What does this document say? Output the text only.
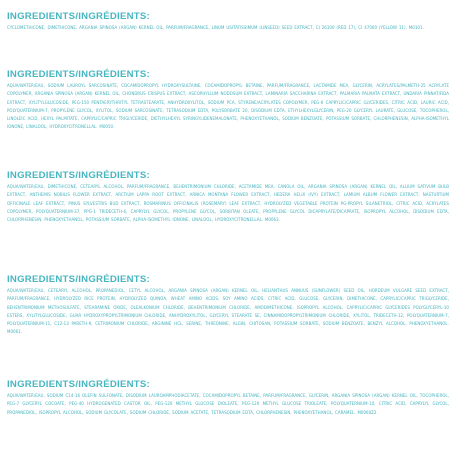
INGREDIENTS/INGRÉDIENTS:

CYCLOMETHICONE, DIMETHICONE, ARGANIA SPINOSA (ARGAN) KERNEL OIL, PARFUM/FRAGRANCE, LINUM USITATISSIMUM (LINSEED) SEED EXTRACT, CI 26100 (RED 17), CI 47000 (YELLOW 11). M0101.

INGREDIENTS/INGRÉDIENTS:

AQUA/WATER/EAU, SODIUM LAUROYL SARCOSINATE, COCAMIDOPROPYL HYDROXYSULTAINE, COCAMIDOPROPYL BETAINE, PARFUM/FRAGRANCE, LACTAMIDE MEA, GLYCERIN, ACRYLATES/PALMETH-25 ACRYLATE COPOLYMER, ARGANIA SPINOSA (ARGAN) KERNEL OIL, CHONDRUS CRISPUS EXTRACT, ASCOPHYLLUM NODOSUM EXTRACT, LAMINARIA SACCHARINA EXTRACT, PALMARIA PALMATA EXTRACT, UNDARIA PINNATIFIDA EXTRACT, XYLITYLGLUCOSIDE, PEG-150 PENTAERYTHRITYL TETRASTEARATE, ANHYDROXYLITOL, SODIUM PCA, STYRENE/ACRYLATES COPOLYMER, PEG-6 CAPRYLIC/CAPRIC GLYCERIDES, CITRIC ACID, LAURIC ACID, POLYQUATERNIUM-7, PROPYLENE GLYCOL, XYLITOL, SODIUM SARCOSINATE, TETRASODIUM EDTA, POLYSORBATE 20, DISODIUM EDTA, ETHYLHEXYLGLYCERIN, PEG-20 GLYCERYL LAURATE, GLUCOSE, TOCOPHEROL, LINOLEIC ACID, HEXYL PALMITATE, CAPRYLIC/CAPRIC TRIGLYCERIDE, DIETHYLHEXYL SYRINGYLIDENEMALONATE, PHENOXYETHANOL, SODIUM BENZOATE, POTASSIUM SORBATE, CHLORPHENESIN, ALPHA-ISOMETHYL IONONE, LINALOOL, HYDROXYCITRONELLAL. M0050.

INGREDIENTS/INGRÉDIENTS:

AQUA/WATER/EAU, DIMETHICONE, CETEARYL ALCOHOL, PARFUM/FRAGRANCE, BEHENTRIMONIUM CHLORIDE, ACETAMIDE MEA, CANOLA OIL, ARGANIA SPINOSA (ARGAN) KERNEL OIL, ALLIUM SATIVUM BULB EXTRACT, ANTHEMIS NOBILIS FLOWER EXTRACT, ARCTIUM LAPPA ROOT EXTRACT, ARNICA MONTANA FLOWER EXTRACT, HEDERA HELIX (IVY) EXTRACT, LAMIUM ALBUM FLOWER EXTRACT, NASTURTIUM OFFICINALE LEAF EXTRACT, PINUS SYLVESTRIS BUD EXTRACT, ROSMARINUS OFFICINALIS (ROSEMARY) LEAF EXTRACT, HYDROLYZED VEGETABLE PROTEIN PG-PROPYL SILANETRIOL, CITRIC ACID, ACRYLATES COPOLYMER, POLYQUATERNIUM-37, PPG-1 TRIDECETH-6, CAPRYLYL GLYCOL, PROPYLENE GLYCOL, SORBITAN OLEATE, PROPYLENE GLYCOL DICAPRYLATE/DICAPRATE, ISOPROPYL ALCOHOL, DISODIUM EDTA, CHLORPHENESIN, PHENOXYETHANOL, POTASSIUM SORBATE, ALPHA-ISOMETHYL IONONE, LINALOOL, HYDROXYCITRONELLAL. M0063.

INGREDIENTS/INGRÉDIENTS:

AQUA/WATER/EAU, CETEARYL ALCOHOL, PROPANEDIOL, CETYL ALCOHOL, ARGANIA SPINOSA (ARGAN) KERNEL OIL, HELIANTHUS ANNUUS (SUNFLOWER) SEED OIL, HORDEUM VULGARE SEED EXTRACT, PARFUM/FRAGRANCE, HYDROLYZED RICE PROTEIN, HYDROLYZED QUINOA, WHEAT AMINO ACIDS, SOY AMINO ACIDS, CITRIC ACID, GLUCOSE, GLYCERIN, DIMETHICONE, CAPRYLIC/CAPRIC TRIGLYCERIDE, BEHENTRIMONIUM METHOSULFATE, STEARAMINE OXIDE, OLEALKONIUM CHLORIDE, BEHENTRIMONIUM CHLORIDE, AMODIMETHICONE, ISOPROPYL ALCOHOL, CAPRYLIC/CAPRIC GLYCERIDES POLYGLYCERYL-10 ESTERS, XYLITYLGLUCOSIDE, GUAR HYDROXYPROPYLTRIMONIUM CHLORIDE, ANHYDROXYLITOL, GLYCERYL STEARATE SE, CINNAMIDOPROPYLTRIMONIUM CHLORIDE, XYLITOL, TRIDECETH-12, POLYQUATERNIUM-7, POLYQUATERNIUM-11, C12-13 PARETH-9, CETRIMONIUM CHLORIDE, ARGININE HCL, SERINE, THREONINE, ALGIN, CHITOSAN, POTASSIUM SORBATE, SODIUM BENZOATE, BENZYL ALCOHOL, PHENOXYETHANOL. M0061.

INGREDIENTS/INGRÉDIENTS:

AQUA/WATER/EAU, SODIUM C14-16 OLEFIN SULFONATE, DISODIUM LAUROAMPHODIACETATE, COCAMIDOPROPYL BETAINE, PARFUM/FRAGRANCE, GLYCERIN, ARGANIA SPINOSA (ARGAN) KERNEL OIL, TOCOPHEROL, PEG-7 GLYCERYL COCOATE, PEG-40 HYDROGENATED CASTOR OIL, PEG-120 METHYL GLUCOSE DIOLEATE, PEG-120 METHYL GLUCOSE TRIOLEATE, POLYQUATERNIUM-10, CITRIC ACID, CAPRYLYL GLYCOL, PROPANEDIOL, ISOPROPYL ALCOHOL, SODIUM GLYCOLATE, SODIUM CHLORIDE, SODIUM ACETATE, TETRASODIUM EDTA, CHLORPHENESIN, PHENOXYETHANOL, CARAMEL. M0060Z2.
